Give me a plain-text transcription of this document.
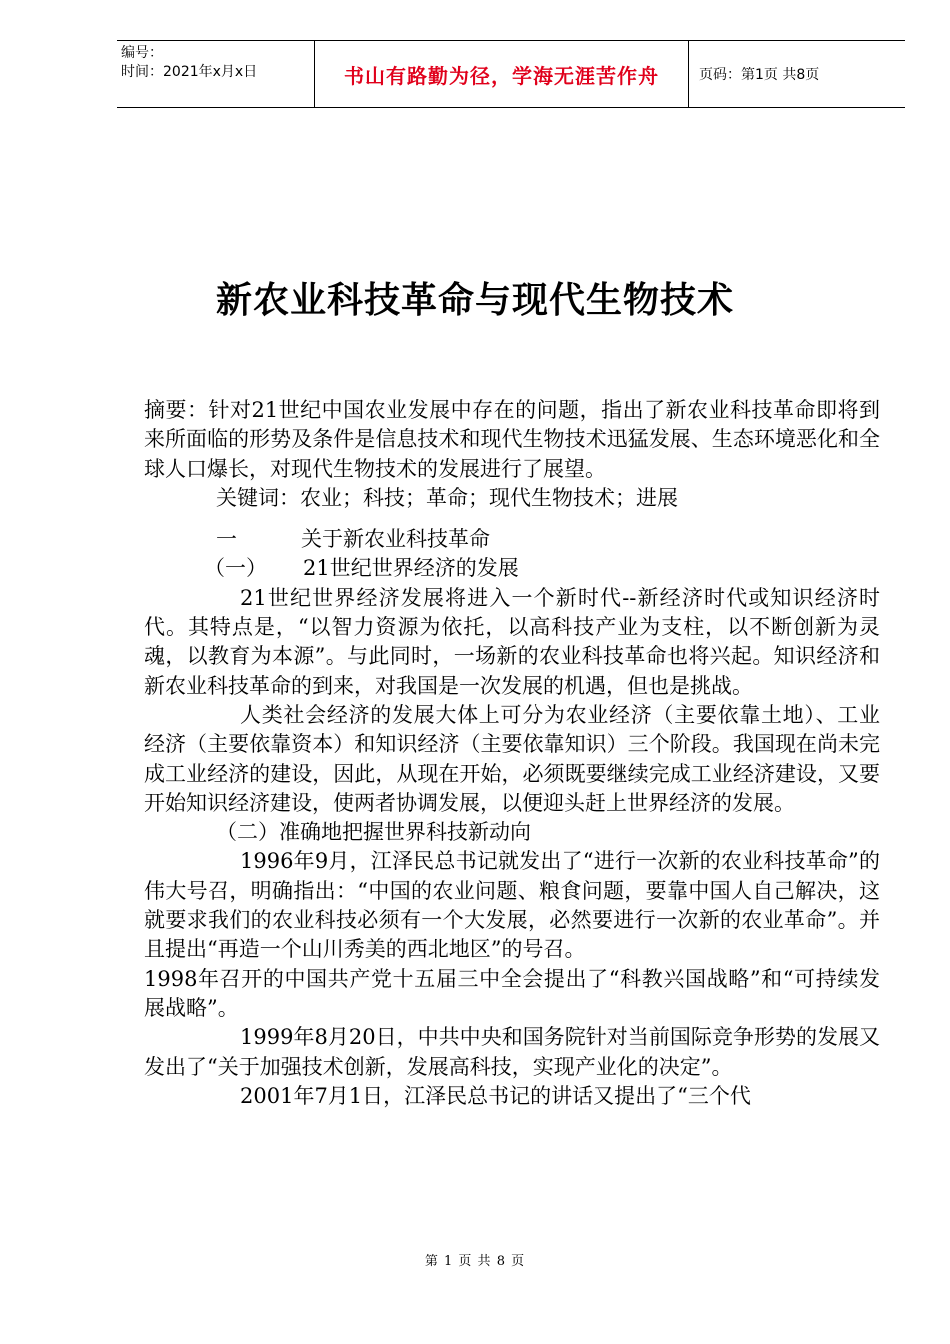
编号：
时间：2021年x月x日	书山有路勤为径，学海无涯苦作舟	页码：第1页 共8页
新农业科技革命与现代生物技术

摘要：针对21世纪中国农业发展中存在的问题，指出了新农业科技革命即将到来所面临的形势及条件是信息技术和现代生物技术迅猛发展、生态环境恶化和全球人口爆长，对现代生物技术的发展进行了展望。

关键词：农业；科技；革命；现代生物技术；进展

一	关于新农业科技革命

（一） 21世纪世界经济的发展

21世纪世界经济发展将进入一个新时代--新经济时代或知识经济时代。其特点是，“以智力资源为依托，以高科技产业为支柱，以不断创新为灵魂，以教育为本源”。与此同时，一场新的农业科技革命也将兴起。知识经济和新农业科技革命的到来，对我国是一次发展的机遇，但也是挑战。

人类社会经济的发展大体上可分为农业经济（主要依靠土地）、工业经济（主要依靠资本）和知识经济（主要依靠知识）三个阶段。我国现在尚未完成工业经济的建设，因此，从现在开始，必须既要继续完成工业经济建设，又要开始知识经济建设，使两者协调发展，以便迎头赶上世界经济的发展。

（二）准确地把握世界科技新动向

1996年9月，江泽民总书记就发出了“进行一次新的农业科技革命”的伟大号召，明确指出：“中国的农业问题、粮食问题，要靠中国人自己解决，这就要求我们的农业科技必须有一个大发展，必然要进行一次新的农业革命”。并且提出“再造一个山川秀美的西北地区”的号召。

1998年召开的中国共产党十五届三中全会提出了“科教兴国战略”和“可持续发展战略”。

1999年8月20日，中共中央和国务院针对当前国际竞争形势的发展又发出了“关于加强技术创新，发展高科技，实现产业化的决定”。

2001年7月1日，江泽民总书记的讲话又提出了“三个代

第 1 页 共 8 页
